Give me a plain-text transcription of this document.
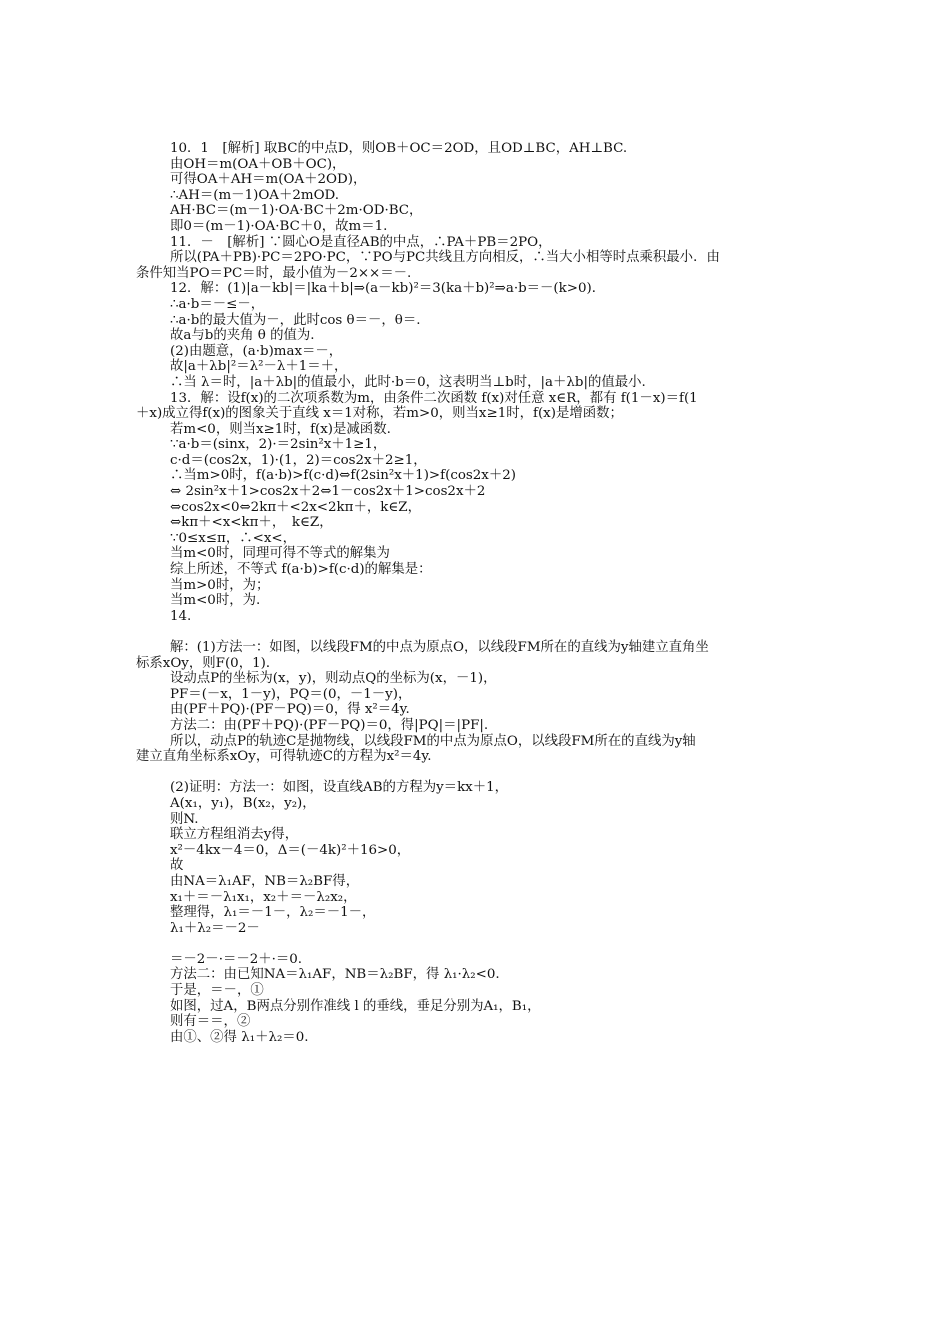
10．1　[解析] 取BC的中点D，则OB＋OC＝2OD，且OD⊥BC，AH⊥BC.
由OH＝m(OA＋OB＋OC)，
可得OA＋AH＝m(OA＋2OD)，
∴AH＝(m－1)OA＋2mOD.
AH·BC＝(m－1)·OA·BC＋2m·OD·BC，
即0＝(m－1)·OA·BC＋0，故m＝1.
11．－　[解析] ∵圆心O是直径AB的中点，∴PA＋PB＝2PO，
所以(PA＋PB)·PC＝2PO·PC，∵PO与PC共线且方向相反，∴当大小相等时点乘积最小．由
条件知当PO＝PC＝时，最小值为－2××＝－.
12．解：(1)|a－kb|＝|ka＋b|⇒(a－kb)²＝3(ka＋b)²⇒a·b＝－(k>0)．
∴a·b＝－≤－，
∴a·b的最大值为－，此时cos θ＝－，θ＝.
故a与b的夹角 θ 的值为.
(2)由题意，(a·b)max＝－，
故|a＋λb|²＝λ²－λ＋1＝＋，
∴当 λ＝时，|a＋λb|的值最小，此时·b＝0，这表明当⊥b时，|a＋λb|的值最小.
13．解：设f(x)的二次项系数为m，由条件二次函数 f(x)对任意 x∈R，都有 f(1－x)＝f(1
＋x)成立得f(x)的图象关于直线 x＝1对称，若m>0，则当x≥1时，f(x)是增函数；
若m<0，则当x≥1时，f(x)是减函数.
∵a·b＝(sinx，2)·＝2sin²x＋1≥1，
c·d＝(cos2x，1)·(1，2)＝cos2x＋2≥1，
∴当m>0时，f(a·b)>f(c·d)⇔f(2sin²x＋1)>f(cos2x＋2)
⇔ 2sin²x＋1>cos2x＋2⇔1－cos2x＋1>cos2x＋2
⇔cos2x<0⇔2kπ＋<2x<2kπ＋，k∈Z，
⇔kπ＋<x<kπ＋，　k∈Z，
∵0≤x≤π，∴<x<，
当m<0时，同理可得不等式的解集为
综上所述，不等式 f(a·b)>f(c·d)的解集是：
当m>0时，为；
当m<0时，为.
14.
解：(1)方法一：如图，以线段FM的中点为原点O，以线段FM所在的直线为y轴建立直角坐
标系xOy，则F(0，1)．
设动点P的坐标为(x，y)，则动点Q的坐标为(x，－1)，
PF＝(－x，1－y)，PQ＝(0，－1－y)，
由(PF＋PQ)·(PF－PQ)＝0，得 x²＝4y.
方法二：由(PF＋PQ)·(PF－PQ)＝0，得|PQ|＝|PF|.
所以，动点P的轨迹C是抛物线，以线段FM的中点为原点O，以线段FM所在的直线为y轴
建立直角坐标系xOy，可得轨迹C的方程为x²＝4y.
(2)证明：方法一：如图，设直线AB的方程为y＝kx＋1，
A(x₁，y₁)，B(x₂，y₂)，
则N.
联立方程组消去y得，
x²－4kx－4＝0，Δ＝(－4k)²＋16>0，
故
由NA＝λ₁AF，NB＝λ₂BF得，
x₁＋＝－λ₁x₁，x₂＋＝－λ₂x₂，
整理得，λ₁＝－1－，λ₂＝－1－，
λ₁＋λ₂＝－2－
＝－2－·＝－2＋·＝0.
方法二：由已知NA＝λ₁AF，NB＝λ₂BF，得 λ₁·λ₂<0.
于是，＝－，①
如图，过A，B两点分别作准线 l 的垂线，垂足分别为A₁，B₁，
则有＝＝，②
由①、②得 λ₁＋λ₂＝0.
